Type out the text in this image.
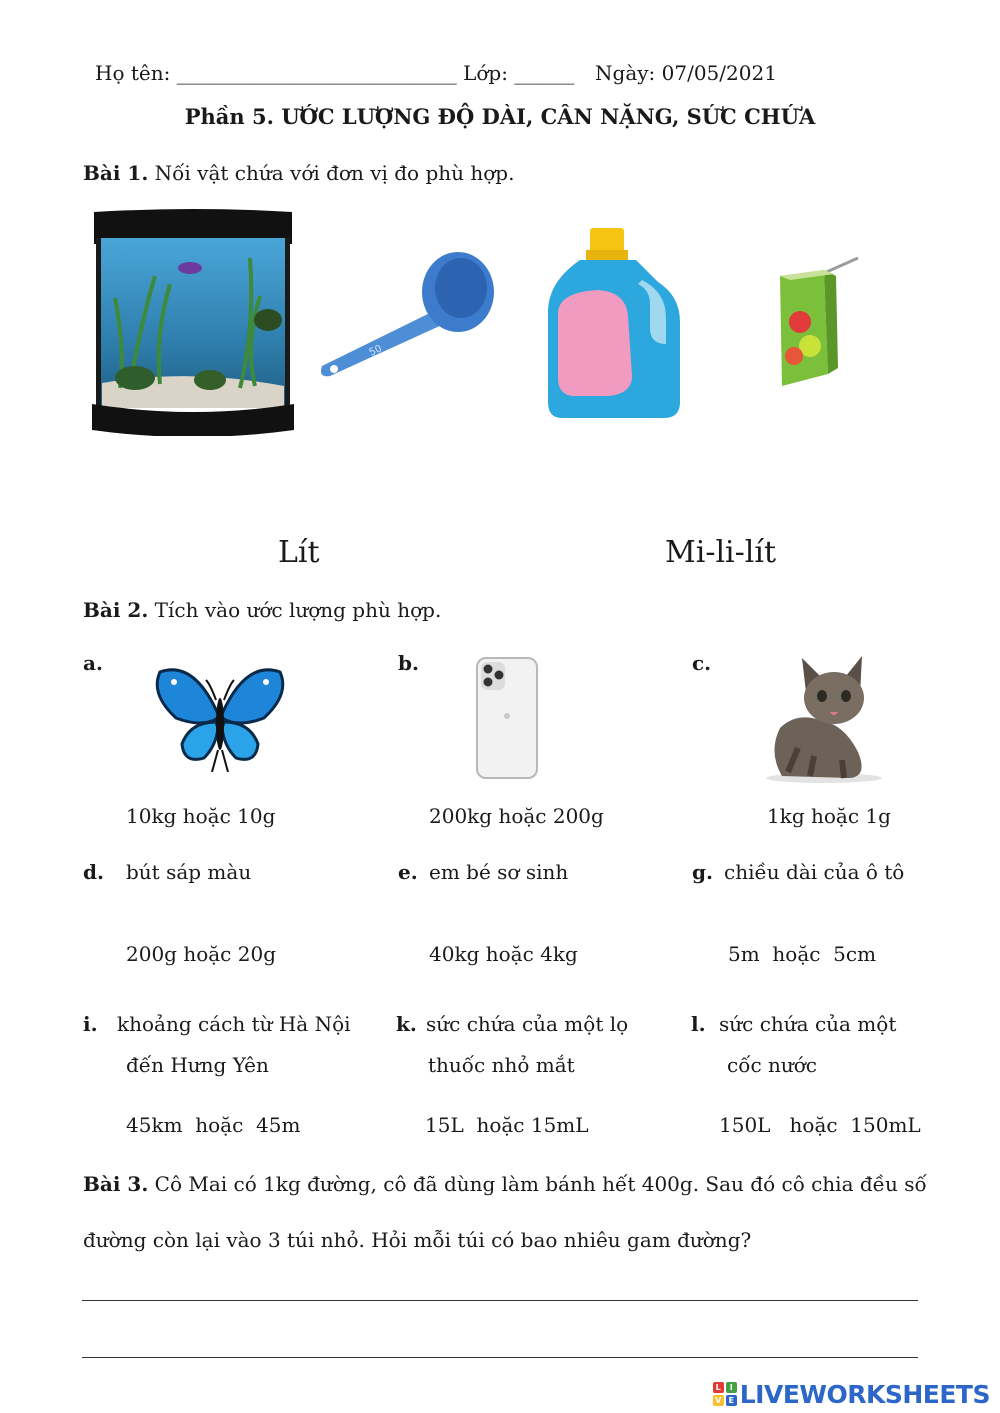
Họ tên: ____________________________ Lớp: ______ Ngày: 07/05/2021
Phần 5. ƯỚC LƯỢNG ĐỘ DÀI, CÂN NẶNG, SỨC CHỨA
Bài 1. Nối vật chứa với đơn vị đo phù hợp.
50
Lít	Mi-li-lít
Bài 2. Tích vào ước lượng phù hợp.
a.	b.	c.
10kg hoặc 10g	200kg hoặc 200g	1kg hoặc 1g
d. bút sáp màu	e. em bé sơ sinh	g. chiều dài của ô tô
200g hoặc 20g	40kg hoặc 4kg	5m  hoặc  5cm
i. khoảng cách từ Hà Nội
đến Hưng Yên
k. sức chứa của một lọ
thuốc nhỏ mắt
l. sức chứa của một
cốc nước
45km  hoặc  45m	15L  hoặc 15mL	150L   hoặc  150mL
Bài 3. Cô Mai có 1kg đường, cô đã dùng làm bánh hết 400g. Sau đó cô chia đều số
đường còn lại vào 3 túi nhỏ. Hỏi mỗi túi có bao nhiêu gam đường?
L	I
V E LIVEWORKSHEETS
